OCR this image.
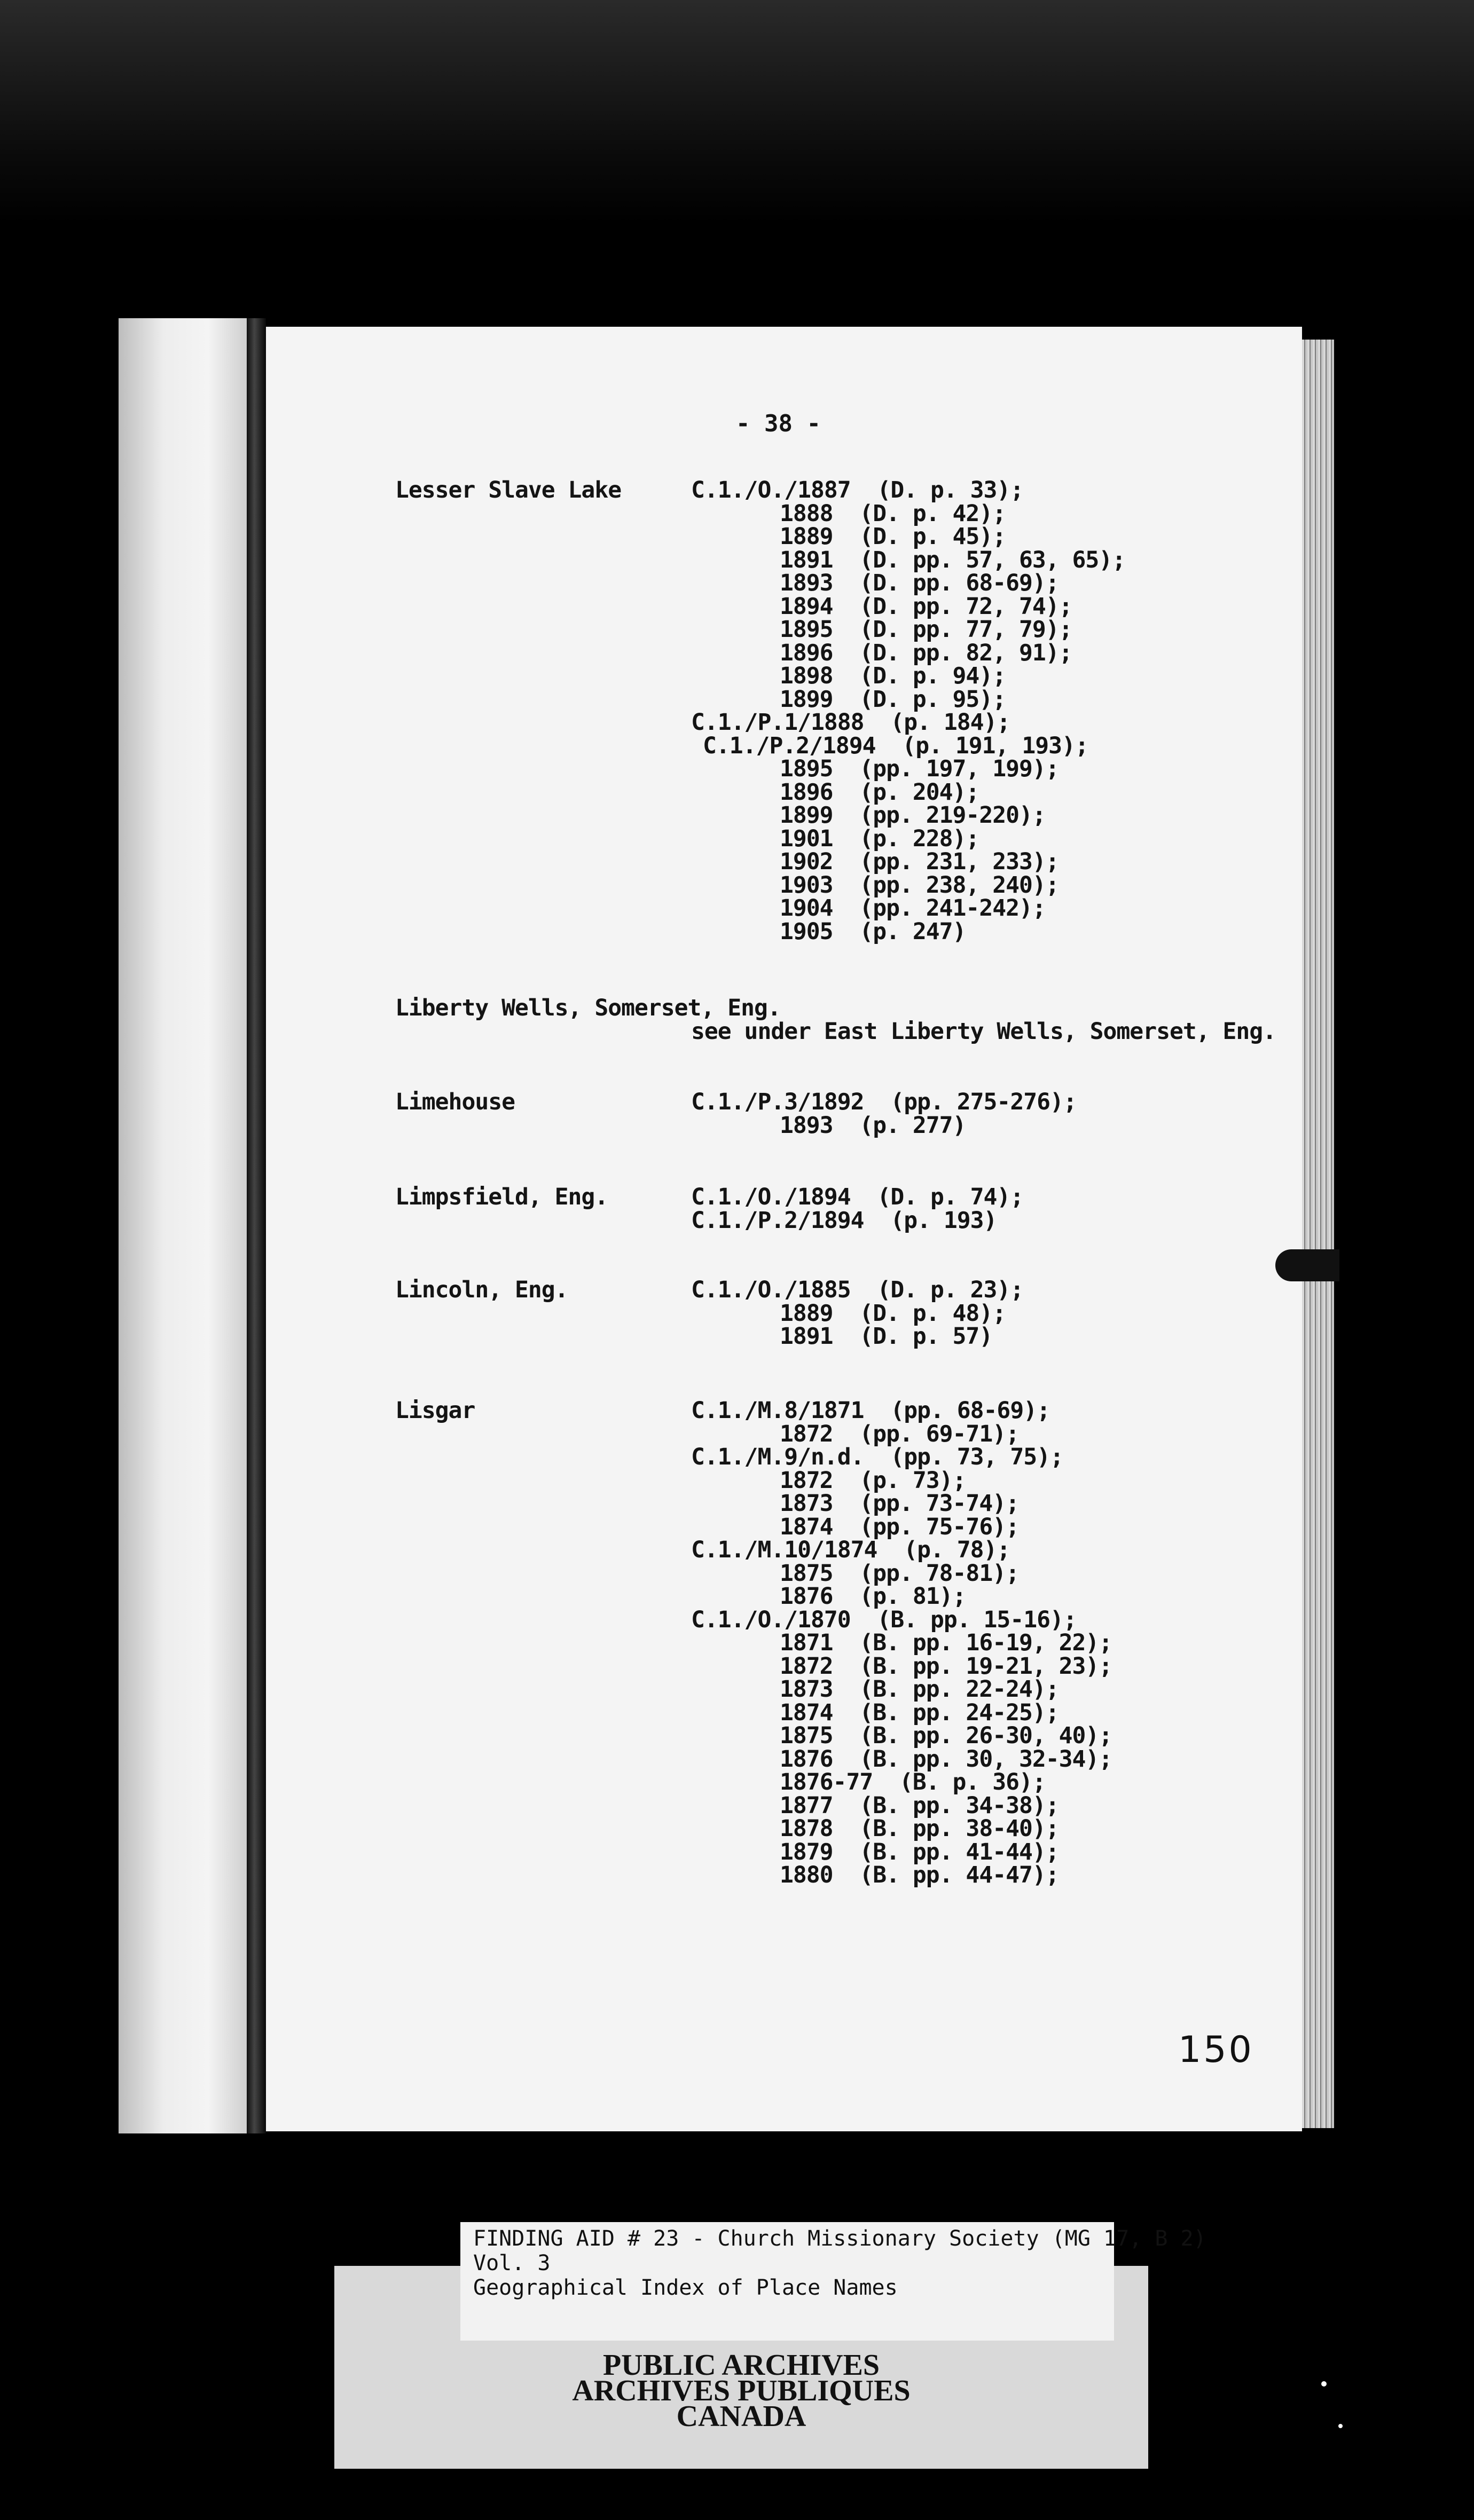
- 38 -
Lesser Slave Lake	C.1./O./1887  (D. p. 33);
1888  (D. p. 42);
1889  (D. p. 45);
1891  (D. pp. 57, 63, 65);
1893  (D. pp. 68-69);
1894  (D. pp. 72, 74);
1895  (D. pp. 77, 79);
1896  (D. pp. 82, 91);
1898  (D. p. 94);
1899  (D. p. 95);
C.1./P.1/1888  (p. 184);
C.1./P.2/1894  (p. 191, 193);
1895  (pp. 197, 199);
1896  (p. 204);
1899  (pp. 219-220);
1901  (p. 228);
1902  (pp. 231, 233);
1903  (pp. 238, 240);
1904  (pp. 241-242);
1905  (p. 247)
Liberty Wells, Somerset, Eng.
see under East Liberty Wells, Somerset, Eng.
Limehouse	C.1./P.3/1892  (pp. 275-276);
1893  (p. 277)
Limpsfield, Eng.	C.1./O./1894  (D. p. 74);
C.1./P.2/1894  (p. 193)
Lincoln, Eng.	C.1./O./1885  (D. p. 23);
1889  (D. p. 48);
1891  (D. p. 57)
Lisgar	C.1./M.8/1871  (pp. 68-69);
1872  (pp. 69-71);
C.1./M.9/n.d.  (pp. 73, 75);
1872  (p. 73);
1873  (pp. 73-74);
1874  (pp. 75-76);
C.1./M.10/1874  (p. 78);
1875  (pp. 78-81);
1876  (p. 81);
C.1./O./1870  (B. pp. 15-16);
1871  (B. pp. 16-19, 22);
1872  (B. pp. 19-21, 23);
1873  (B. pp. 22-24);
1874  (B. pp. 24-25);
1875  (B. pp. 26-30, 40);
1876  (B. pp. 30, 32-34);
1876-77  (B. p. 36);
1877  (B. pp. 34-38);
1878  (B. pp. 38-40);
1879  (B. pp. 41-44);
1880  (B. pp. 44-47);
150
FINDING AID # 23 - Church Missionary Society (MG 17, B 2)
Vol. 3
Geographical Index of Place Names
PUBLIC ARCHIVES
ARCHIVES PUBLIQUES
CANADA
